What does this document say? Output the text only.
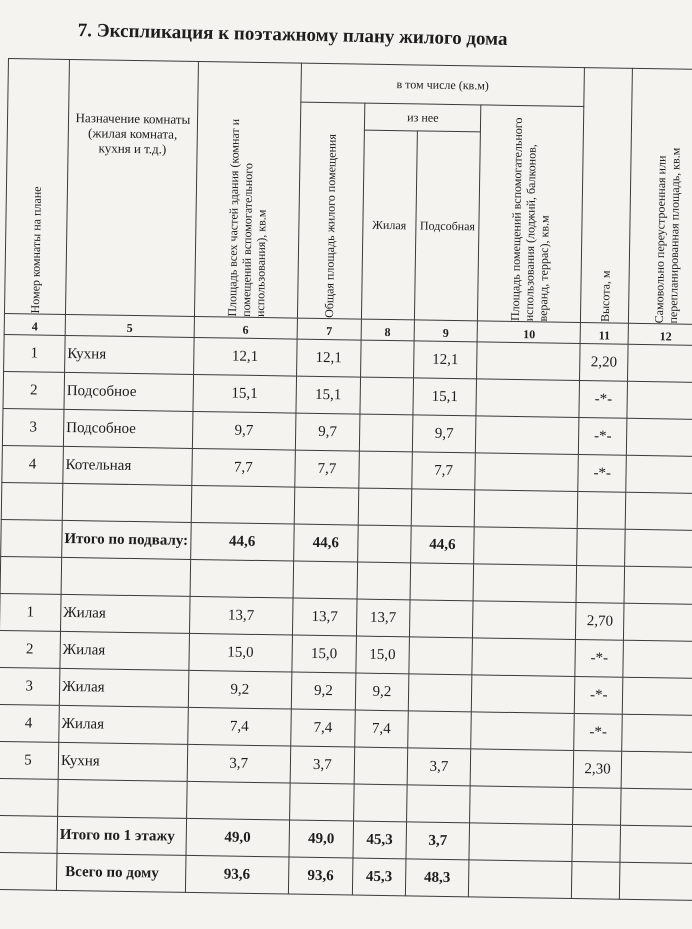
7. Экспликация к поэтажному плану жилого дома
Номер комнаты на плане	Назначение комнаты (жилая комната, кухня и т.д.)	Площадь всех частей здания (комнат и помещений вспомогательного использования), кв.м	в том числе (кв.м)				Высота, м	Самовольно переустроенная или перепланированная площадь, кв.м

			Общая площадь жилого помещения	из нее		Площадь помещений вспомогательного использования (лоджий, балконов, веранд, террас), кв.м		

				Жилая	Подсобная			
4	5	6	7	8	9	10	11	12
1	Кухня	12,1	12,1		12,1		2,20	
2	Подсобное	15,1	15,1		15,1		-*-	
3	Подсобное	9,7	9,7		9,7		-*-	
4	Котельная	7,7	7,7		7,7		-*-	

	Итого по подвалу:	44,6	44,6		44,6			

1	Жилая	13,7	13,7	13,7			2,70	
2	Жилая	15,0	15,0	15,0			-*-	
3	Жилая	9,2	9,2	9,2			-*-	
4	Жилая	7,4	7,4	7,4			-*-	
5	Кухня	3,7	3,7		3,7		2,30	

	Итого по 1 этажу	49,0	49,0	45,3	3,7			
	Всего по дому	93,6	93,6	45,3	48,3			
